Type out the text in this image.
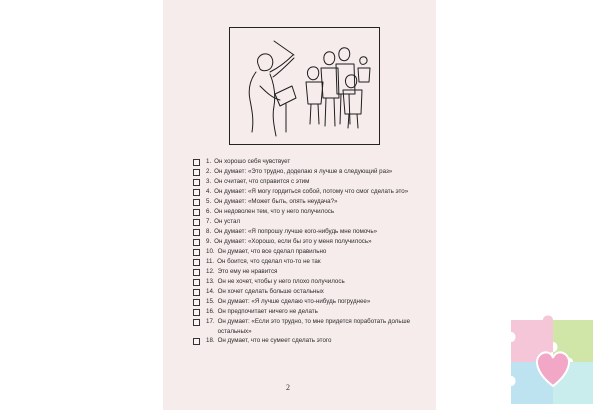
1. Он хорошо себя чувствует
2. Он думает: «Это трудно, доделаю я лучше в следующий раз»
3. Он считает, что справится с этим
4. Он думает: «Я могу гордиться собой, потому что смог сделать это»
5. Он думает: «Может быть, опять неудача?»
6. Он недоволен тем, что у него получилось
7. Он устал
8. Он думает: «Я попрошу лучше кого-нибудь мне помочь»
9. Он думает: «Хорошо, если бы это у меня получилось»
10. Он думает, что все сделал правильно
11. Он боится, что сделал что-то не так
12. Это ему не нравится
13. Он не хочет, чтобы у него плохо получилось
14. Он хочет сделать больше остальных
15. Он думает: «Я лучше сделаю что-нибудь погруднее»
16. Он предпочитает ничего не делать
17. Он думает: «Если это трудно, то мне придется поработать дольше остальных»
18. Он думает, что не сумеет сделать этого
2
